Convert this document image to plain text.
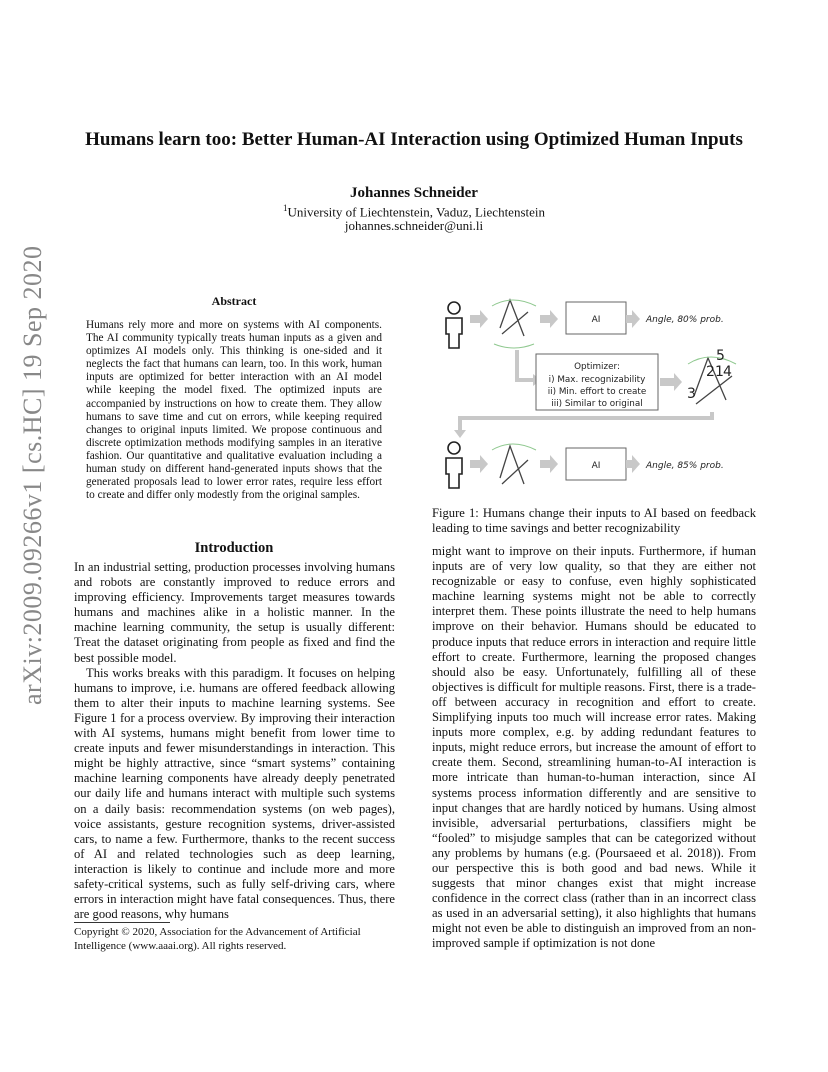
Humans learn too: Better Human-AI Interaction using Optimized Human Inputs
Johannes Schneider
$^1$University of Liechtenstein, Vaduz, Liechtenstein
johannes.schneider@uni.li
arXiv:2009.09266v1 [cs.HC] 19 Sep 2020	Abstract
Humans rely more and more on systems with AI components. The AI community typically treats human inputs as a given and optimizes AI models only. This thinking is one-sided and it neglects the fact that humans can learn, too. In this work, human inputs are optimized for better interaction with an AI model while keeping the model fixed. The optimized inputs are accompanied by instructions on how to create them. They allow humans to save time and cut on errors, while keeping required changes to original inputs limited. We propose continuous and discrete optimization methods modifying samples in an iterative fashion. Our quantitative and qualitative evaluation including a human study on different hand-generated inputs shows that the generated proposals lead to lower error rates, require less effort to create and differ only modestly from the original samples.
Introduction

In an industrial setting, production processes involving humans and robots are constantly improved to reduce errors and improving efficiency. Improvements target measures towards humans and machines alike in a holistic manner. In the machine learning community, the setup is usually different: Treat the dataset originating from people as fixed and find the best possible model.

This works breaks with this paradigm. It focuses on helping humans to improve, i.e. humans are offered feedback allowing them to alter their inputs to machine learning systems. See Figure 1 for a process overview. By improving their interaction with AI systems, humans might benefit from lower time to create inputs and fewer misunderstandings in interaction. This might be highly attractive, since “smart systems” containing machine learning components have already deeply penetrated our daily life and humans interact with multiple such systems on a daily basis: recommendation systems (on web pages), voice assistants, gesture recognition systems, driver-assisted cars, to name a few. Furthermore, thanks to the recent success of AI and related technologies such as deep learning, interaction is likely to continue and include more and more safety-critical systems, such as fully self-driving cars, where errors in interaction might have fatal consequences. Thus, there are good reasons, why humans

Copyright © 2020, Association for the Advancement of Artificial Intelligence (www.aaai.org). All rights reserved.
AI	Angle, 80% prob.
Optimizer:
i) Max. recognizability
ii) Min. effort to create
iii) Similar to original
5
2 1 4
3
AI	Angle, 85% prob.
Figure 1: Humans change their inputs to AI based on feedback leading to time savings and better recognizability

might want to improve on their inputs. Furthermore, if human inputs are of very low quality, so that they are either not recognizable or easy to confuse, even highly sophisticated machine learning systems might not be able to correctly interpret them. These points illustrate the need to help humans improve on their behavior. Humans should be educated to produce inputs that reduce errors in interaction and require little effort to create. Furthermore, learning the proposed changes should also be easy. Unfortunately, fulfilling all of these objectives is difficult for multiple reasons. First, there is a trade-off between accuracy in recognition and effort to create. Simplifying inputs too much will increase error rates. Making inputs more complex, e.g. by adding redundant features to inputs, might reduce errors, but increase the amount of effort to create them. Second, streamlining human-to-AI interaction is more intricate than human-to-human interaction, since AI systems process information differently and are sensitive to input changes that are hardly noticed by humans. Using almost invisible, adversarial perturbations, classifiers might be “fooled” to misjudge samples that can be categorized without any problems by humans (e.g. (Poursaeed et al. 2018)). From our perspective this is both good and bad news. While it suggests that minor changes exist that might increase confidence in the correct class (rather than in an incorrect class as used in an adversarial setting), it also highlights that humans might not even be able to distinguish an improved from an non-improved sample if optimization is not done
